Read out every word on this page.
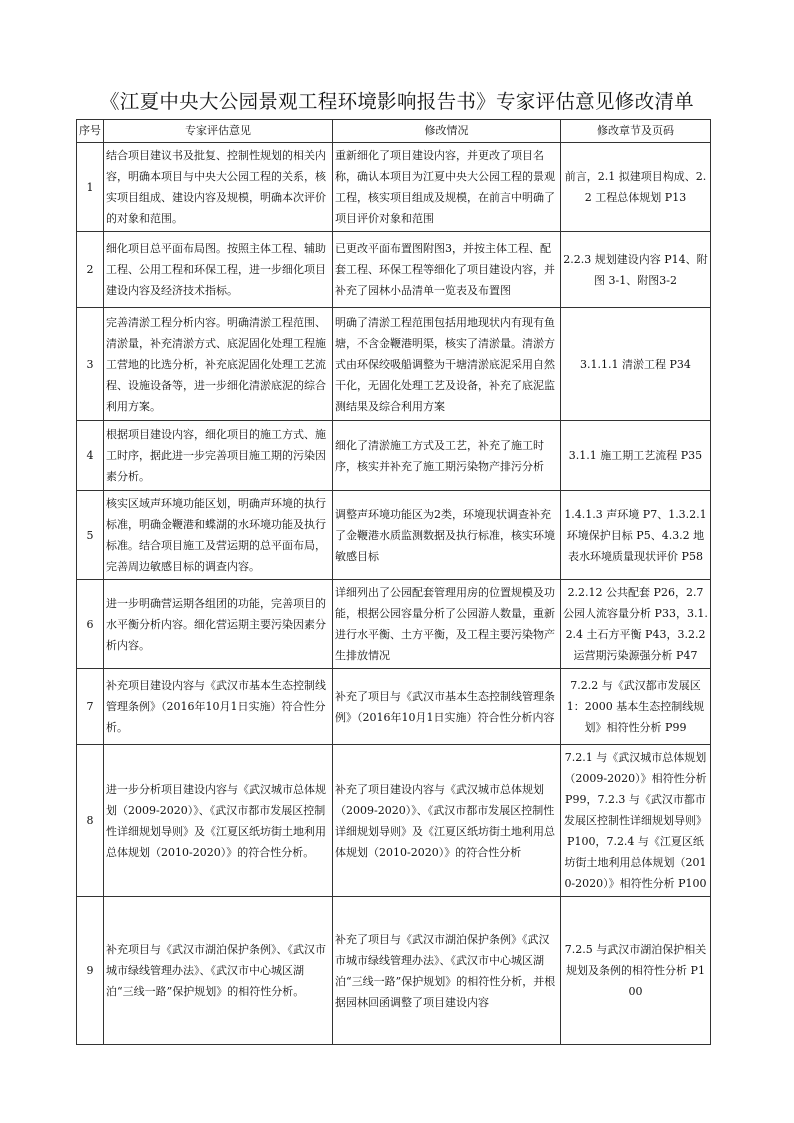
《江夏中央大公园景观工程环境影响报告书》专家评估意见修改清单
序号	专家评估意见	修改情况	修改章节及页码
1	结合项目建议书及批复、控制性规划的相关内容，明确本项目与中央大公园工程的关系，核实项目组成、建设内容及规模，明确本次评价的对象和范围。	重新细化了项目建设内容，并更改了项目名称，确认本项目为江夏中央大公园工程的景观工程，核实项目组成及规模，在前言中明确了项目评价对象和范围	前言，2.1 拟建项目构成、2.2 工程总体规划 P13
2	细化项目总平面布局图。按照主体工程、辅助工程、公用工程和环保工程，进一步细化项目建设内容及经济技术指标。	已更改平面布置图附图3，并按主体工程、配套工程、环保工程等细化了项目建设内容，并补充了园林小品清单一览表及布置图	2.2.3 规划建设内容 P14、附图 3-1、附图3-2
3	完善清淤工程分析内容。明确清淤工程范围、清淤量，补充清淤方式、底泥固化处理工程施工营地的比选分析，补充底泥固化处理工艺流程、设施设备等，进一步细化清淤底泥的综合利用方案。	明确了清淤工程范围包括用地现状内有现有鱼塘，不含金鞭港明渠，核实了清淤量。清淤方式由环保绞吸船调整为干塘清淤底泥采用自然干化，无固化处理工艺及设备，补充了底泥监测结果及综合利用方案	3.1.1.1 清淤工程 P34
4	根据项目建设内容，细化项目的施工方式、施工时序，据此进一步完善项目施工期的污染因素分析。	细化了清淤施工方式及工艺，补充了施工时序，核实并补充了施工期污染物产排污分析	3.1.1 施工期工艺流程 P35
5	核实区域声环境功能区划，明确声环境的执行标准，明确金鞭港和蝶湖的水环境功能及执行标准。结合项目施工及营运期的总平面布局，完善周边敏感目标的调查内容。	调整声环境功能区为2类，环境现状调查补充了金鞭港水质监测数据及执行标准，核实环境敏感目标	1.4.1.3 声环境 P7、1.3.2.1 环境保护目标 P5、4.3.2 地表水环境质量现状评价 P58
6	进一步明确营运期各组团的功能，完善项目的水平衡分析内容。细化营运期主要污染因素分析内容。	详细列出了公园配套管理用房的位置规模及功能，根据公园容量分析了公园游人数量，重新进行水平衡、土方平衡，及工程主要污染物产生排放情况	2.2.12 公共配套 P26，2.7 公园人流容量分析 P33，3.1.2.4 土石方平衡 P43，3.2.2 运营期污染源强分析 P47
7	补充项目建设内容与《武汉市基本生态控制线管理条例》（2016年10月1日实施）符合性分析。	补充了项目与《武汉市基本生态控制线管理条例》（2016年10月1日实施）符合性分析内容	7.2.2 与《武汉都市发展区 1：2000 基本生态控制线规划》相符性分析 P99
8	进一步分析项目建设内容与《武汉城市总体规划（2009-2020）》、《武汉市都市发展区控制性详细规划导则》及《江夏区纸坊街土地利用总体规划（2010-2020）》的符合性分析。	补充了项目建设内容与《武汉城市总体规划（2009-2020）》、《武汉市都市发展区控制性详细规划导则》及《江夏区纸坊街土地利用总体规划（2010-2020）》的符合性分析	7.2.1 与《武汉城市总体规划（2009-2020）》相符性分析 P99，7.2.3 与《武汉市都市发展区控制性详细规划导则》 P100，7.2.4 与《江夏区纸坊街土地利用总体规划（2010-2020）》相符性分析 P100
9	补充项目与《武汉市湖泊保护条例》、《武汉市城市绿线管理办法》、《武汉市中心城区湖泊“三线一路”保护规划》的相符性分析。	补充了项目与《武汉市湖泊保护条例》《武汉市城市绿线管理办法》、《武汉市中心城区湖泊“三线一路”保护规划》的相符性分析，并根据园林回函调整了项目建设内容	7.2.5 与武汉市湖泊保护相关规划及条例的相符性分析 P100
